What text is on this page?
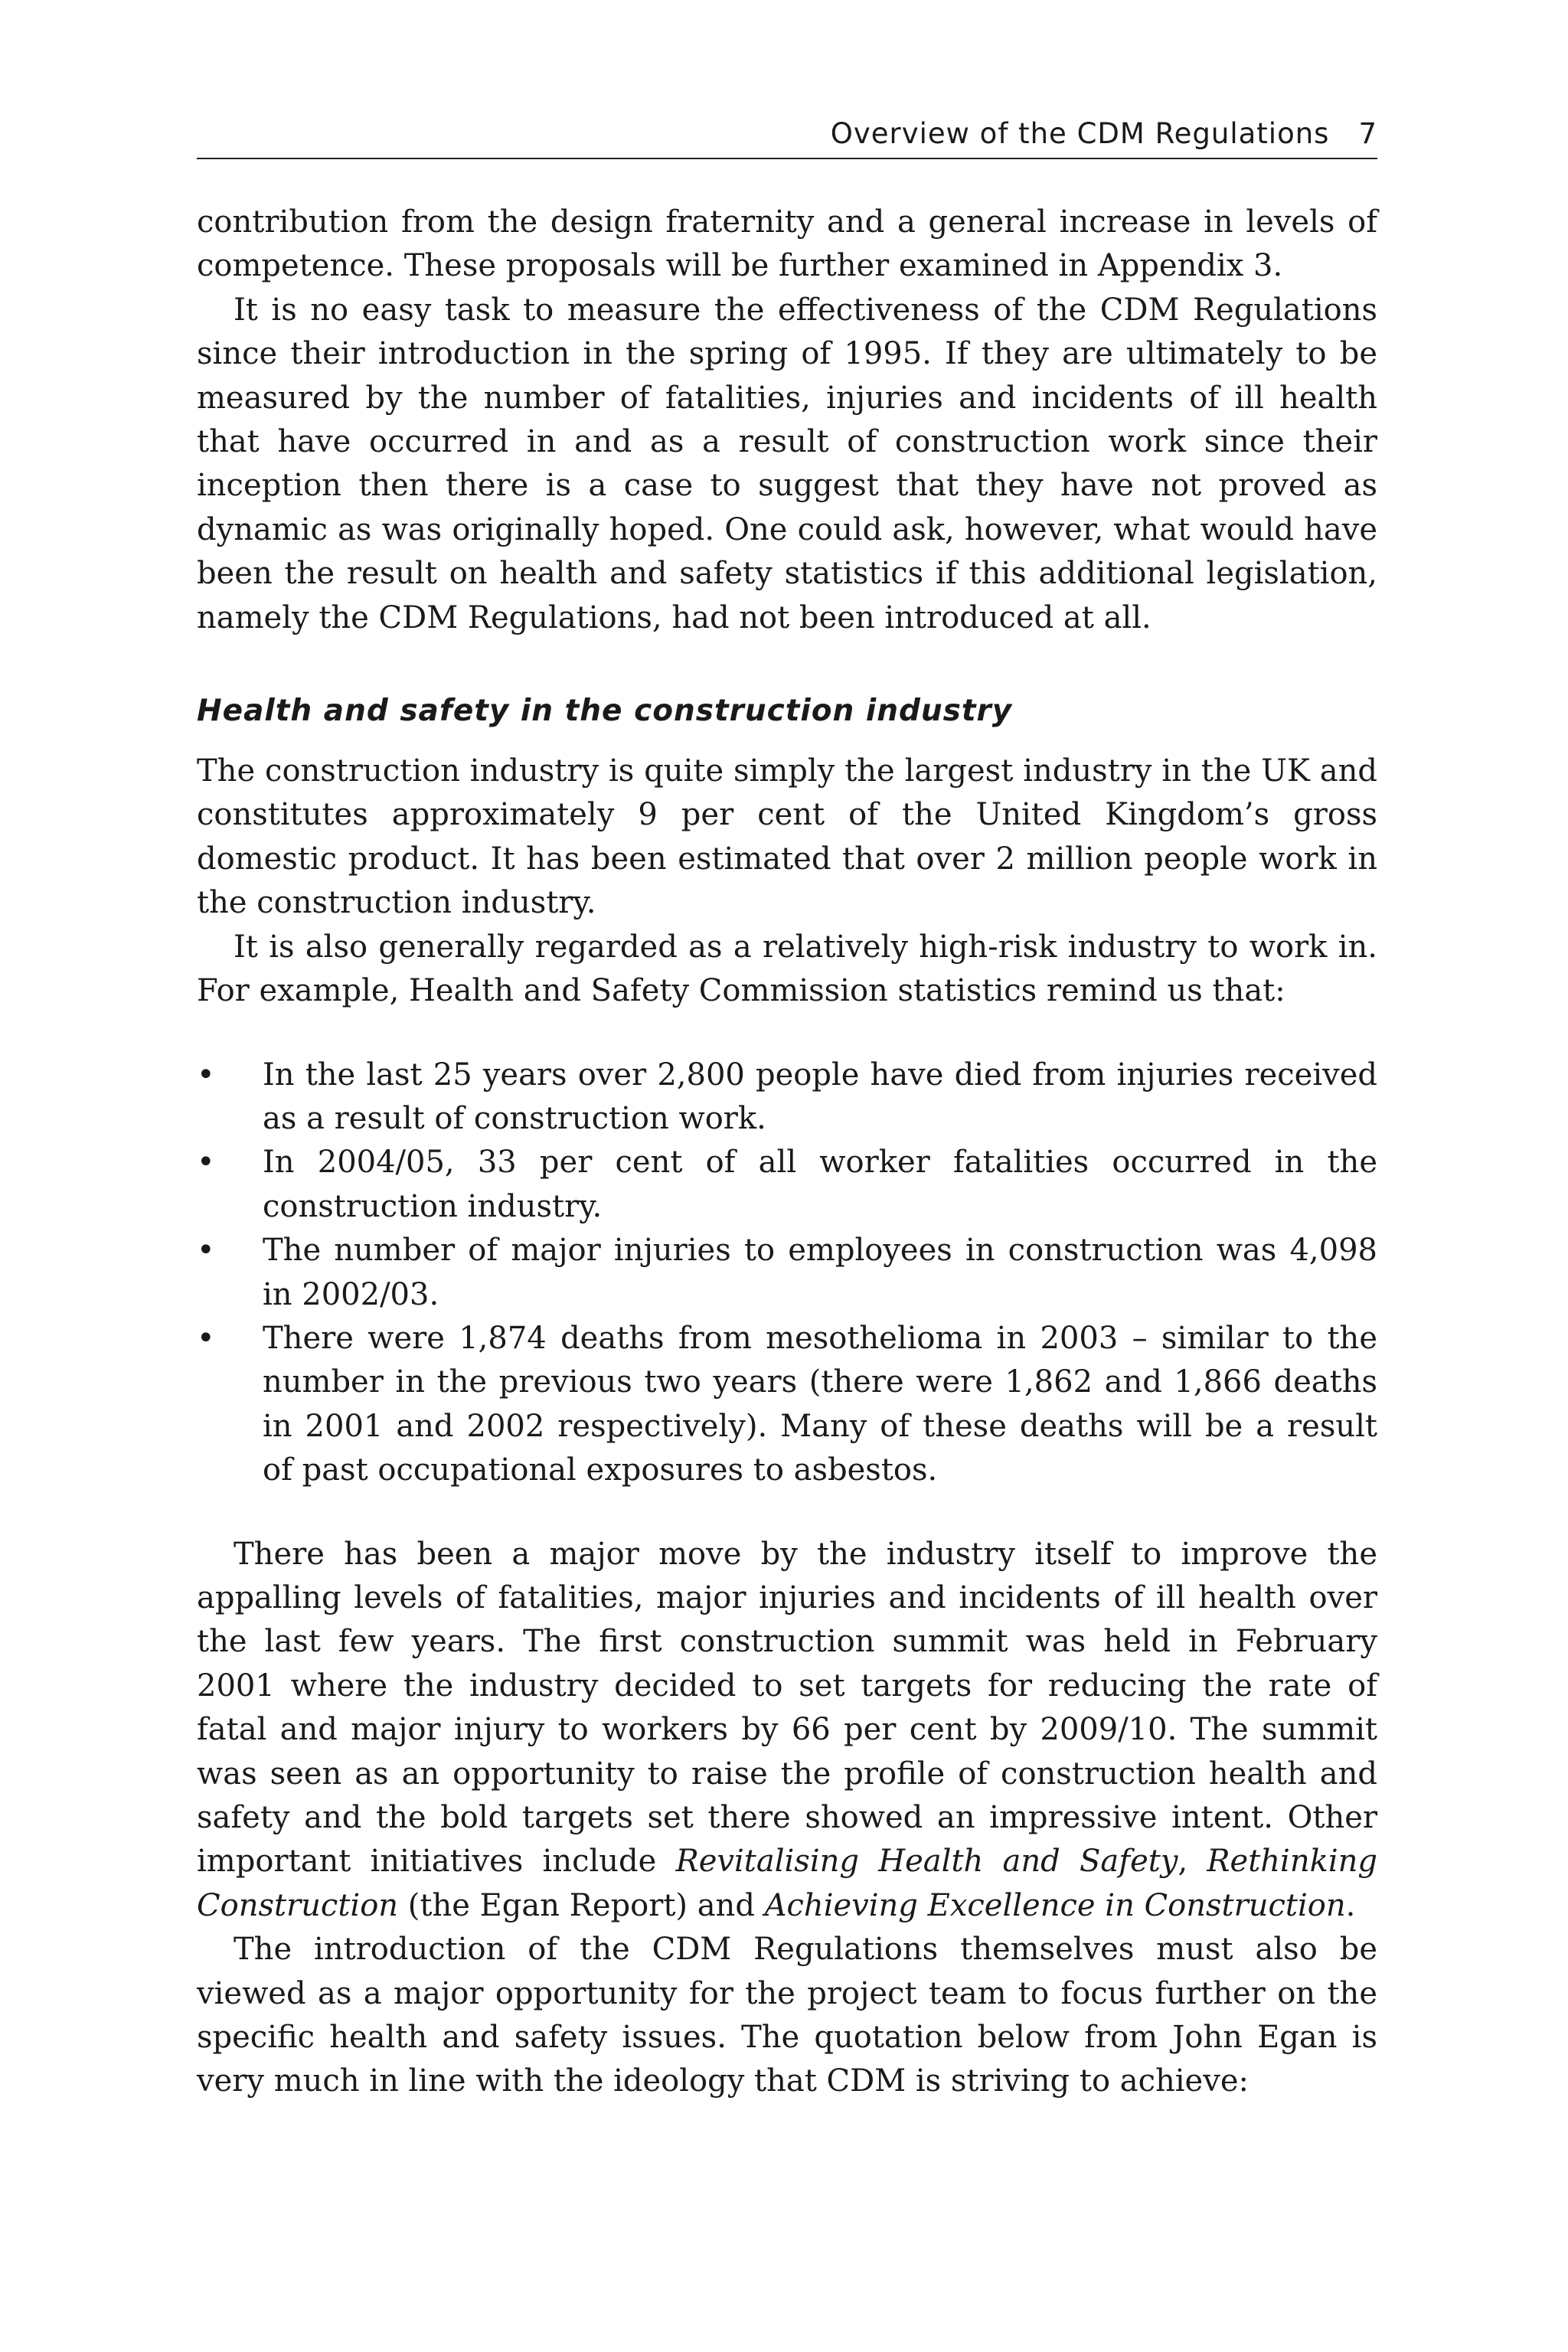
Overview of the CDM Regulations 7

contribution from the design fraternity and a general increase in levels of competence. These proposals will be further examined in Appendix 3.

It is no easy task to measure the effectiveness of the CDM Regulations since their introduction in the spring of 1995. If they are ultimately to be measured by the number of fatalities, injuries and incidents of ill health that have occurred in and as a result of construction work since their inception then there is a case to suggest that they have not proved as dynamic as was originally hoped. One could ask, however, what would have been the result on health and safety statistics if this additional legislation, namely the CDM Regulations, had not been introduced at all.

Health and safety in the construction industry

The construction industry is quite simply the largest industry in the UK and constitutes approximately 9 per cent of the United Kingdom’s gross domestic product. It has been estimated that over 2 million people work in the construction industry.

It is also generally regarded as a relatively high-risk industry to work in. For example, Health and Safety Commission statistics remind us that:

• In the last 25 years over 2,800 people have died from injuries received as a result of construction work.
• In 2004/05, 33 per cent of all worker fatalities occurred in the construction industry.
• The number of major injuries to employees in construction was 4,098 in 2002/03.
• There were 1,874 deaths from mesothelioma in 2003 – similar to the number in the previous two years (there were 1,862 and 1,866 deaths in 2001 and 2002 respectively). Many of these deaths will be a result of past occupational exposures to asbestos.

There has been a major move by the industry itself to improve the appalling levels of fatalities, major injuries and incidents of ill health over the last few years. The first construction summit was held in February 2001 where the industry decided to set targets for reducing the rate of fatal and major injury to workers by 66 per cent by 2009/10. The summit was seen as an opportunity to raise the profile of construction health and safety and the bold targets set there showed an impressive intent. Other important initiatives include Revitalising Health and Safety, Rethinking Construction (the Egan Report) and Achieving Excellence in Construction.

The introduction of the CDM Regulations themselves must also be viewed as a major opportunity for the project team to focus further on the specific health and safety issues. The quotation below from John Egan is very much in line with the ideology that CDM is striving to achieve:
